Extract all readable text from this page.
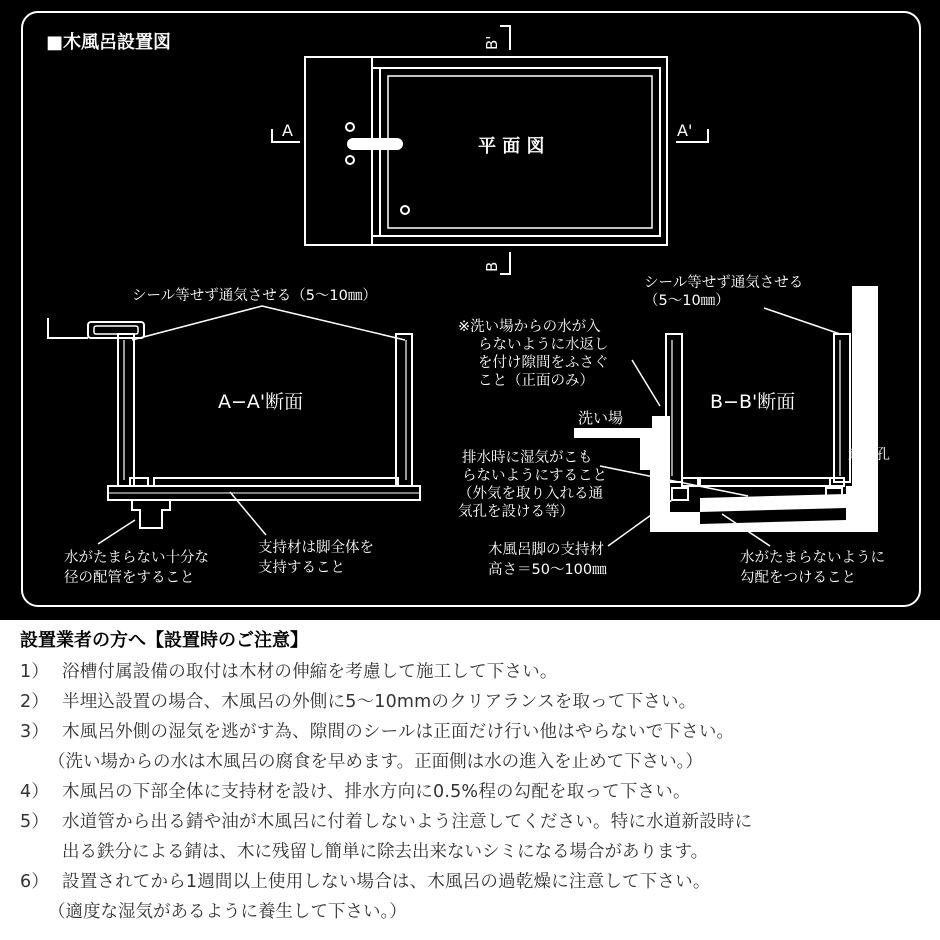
■木風呂設置図
平 面 図
A	A'
B'
B
シール等せず通気させる（5〜10㎜）
A−A'断面
水がたまらない十分な
径の配管をすること
支持材は脚全体を
支持すること
シール等せず通気させる
（5〜10㎜）
※洗い場からの水が入
らないように水返し
を付け隙間をふさぐ
こと（正面のみ）
洗い場
B−B'断面
通気孔
排水時に湿気がこも
らないようにすること
（外気を取り入れる通
気孔を設ける等）
木風呂脚の支持材
高さ＝50〜100㎜
水がたまらないように
勾配をつけること
設置業者の方へ【設置時のご注意】
1） 浴槽付属設備の取付は木材の伸縮を考慮して施工して下さい。
2） 半埋込設置の場合、木風呂の外側に5〜10mmのクリアランスを取って下さい。
3） 木風呂外側の湿気を逃がす為、隙間のシールは正面だけ行い他はやらないで下さい。
（洗い場からの水は木風呂の腐食を早めます。正面側は水の進入を止めて下さい。）
4） 木風呂の下部全体に支持材を設け、排水方向に0.5%程の勾配を取って下さい。
5） 水道管から出る錆や油が木風呂に付着しないよう注意してください。特に水道新設時に
出る鉄分による錆は、木に残留し簡単に除去出来ないシミになる場合があります。
6） 設置されてから1週間以上使用しない場合は、木風呂の過乾燥に注意して下さい。
（適度な湿気があるように養生して下さい。）
